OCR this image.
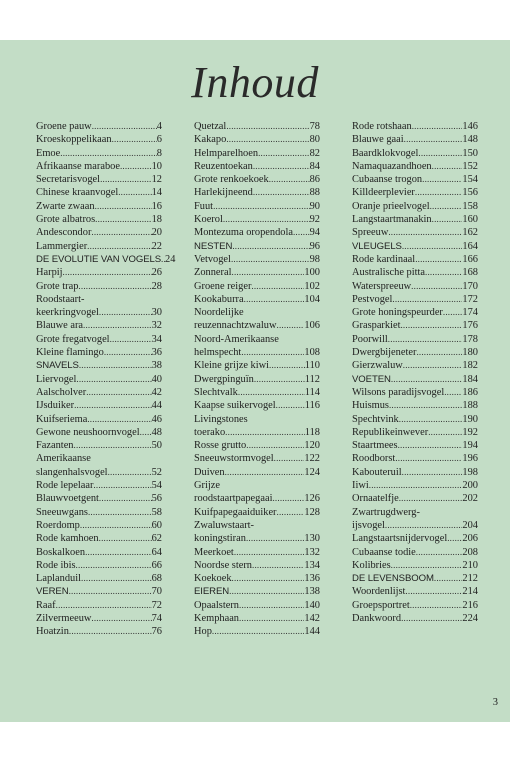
Inhoud
Groene pauw .....	4
Kroeskoppelikaan .....	6
Emoe .....	8
Afrikaanse maraboe .....	10
Secretarisvogel .....	12
Chinese kraanvogel .....	14
Zwarte zwaan .....	16
Grote albatros .....	18
Andescondor .....	20
Lammergier .....	22
DE EVOLUTIE VAN VOGELS ..... 24
Harpij .....	26
Grote trap .....	28
Roodstaart-
keerkringvogel .....	30
Blauwe ara .....	32
Grote fregatvogel .....	34
Kleine flamingo .....	36
SNAVELS .....	38
Liervogel .....	40
Aalscholver .....	42
IJsduiker .....	44
Kuifseriema .....	46
Gewone neushoornvogel ..... 48
Fazanten .....	50
Amerikaanse
slangenhalsvogel .....	52
Rode lepelaar .....	54
Blauwvoetgent .....	56
Sneeuwgans .....	58
Roerdomp .....	60
Rode kamhoen .....	62
Boskalkoen .....	64
Rode ibis .....	66
Laplanduil .....	68
VEREN .....	70
Raaf .....	72
Zilvermeeuw .....	74
Hoatzin .....	76
Quetzal .....	78
Kakapo .....	80
Helmparelhoen .....	82
Reuzentoekan .....	84
Grote renkoekoek .....	86
Harlekijneend .....	88
Fuut .....	90
Koerol .....	92
Montezuma oropendola ..... 94
NESTEN .....	96
Vetvogel .....	98
Zonneral .....	100
Groene reiger .....	102
Kookaburra .....	104
Noordelijke
reuzennachtzwaluw .....	106
Noord-Amerikaanse
helmspecht .....	108
Kleine grijze kiwi .....	110
Dwergpinguïn .....	112
Slechtvalk .....	114
Kaapse suikervogel .....	116
Livingstones
toerako .....	118
Rosse grutto .....	120
Sneeuwstormvogel .....	122
Duiven .....	124
Grijze
roodstaartpapegaai .....	126
Kuifpapegaaiduiker .....	128
Zwaluwstaart-
koningstiran .....	130
Meerkoet .....	132
Noordse stern .....	134
Koekoek .....	136
EIEREN .....	138
Opaalstern .....	140
Kemphaan .....	142
Hop .....	144
Rode rotshaan .....	146
Blauwe gaai .....	148
Baardklokvogel .....	150
Namaquazandhoen .....	152
Cubaanse trogon .....	154
Killdeerplevier .....	156
Oranje prieelvogel .....	158
Langstaartmanakin .....	160
Spreeuw .....	162
VLEUGELS .....	164
Rode kardinaal .....	166
Australische pitta .....	168
Waterspreeuw .....	170
Pestvogel .....	172
Grote honingspeurder ..... 174
Grasparkiet .....	176
Poorwill .....	178
Dwergbijeneter .....	180
Gierzwaluw .....	182
VOETEN .....	184
Wilsons paradijsvogel ..... 186
Huismus .....	188
Spechtvink .....	190
Republikeinwever .....	192
Staartmees .....	194
Roodborst .....	196
Kabouteruil .....	198
Iiwi .....	200
Ornaatelfje .....	202
Zwartrugdwerg-
ijsvogel .....	204
Langstaartsnijdervogel ..... 206
Cubaanse todie .....	208
Kolibries .....	210
DE LEVENSBOOM .....	212
Woordenlijst .....	214
Groepsportret .....	216
Dankwoord .....	224
3
